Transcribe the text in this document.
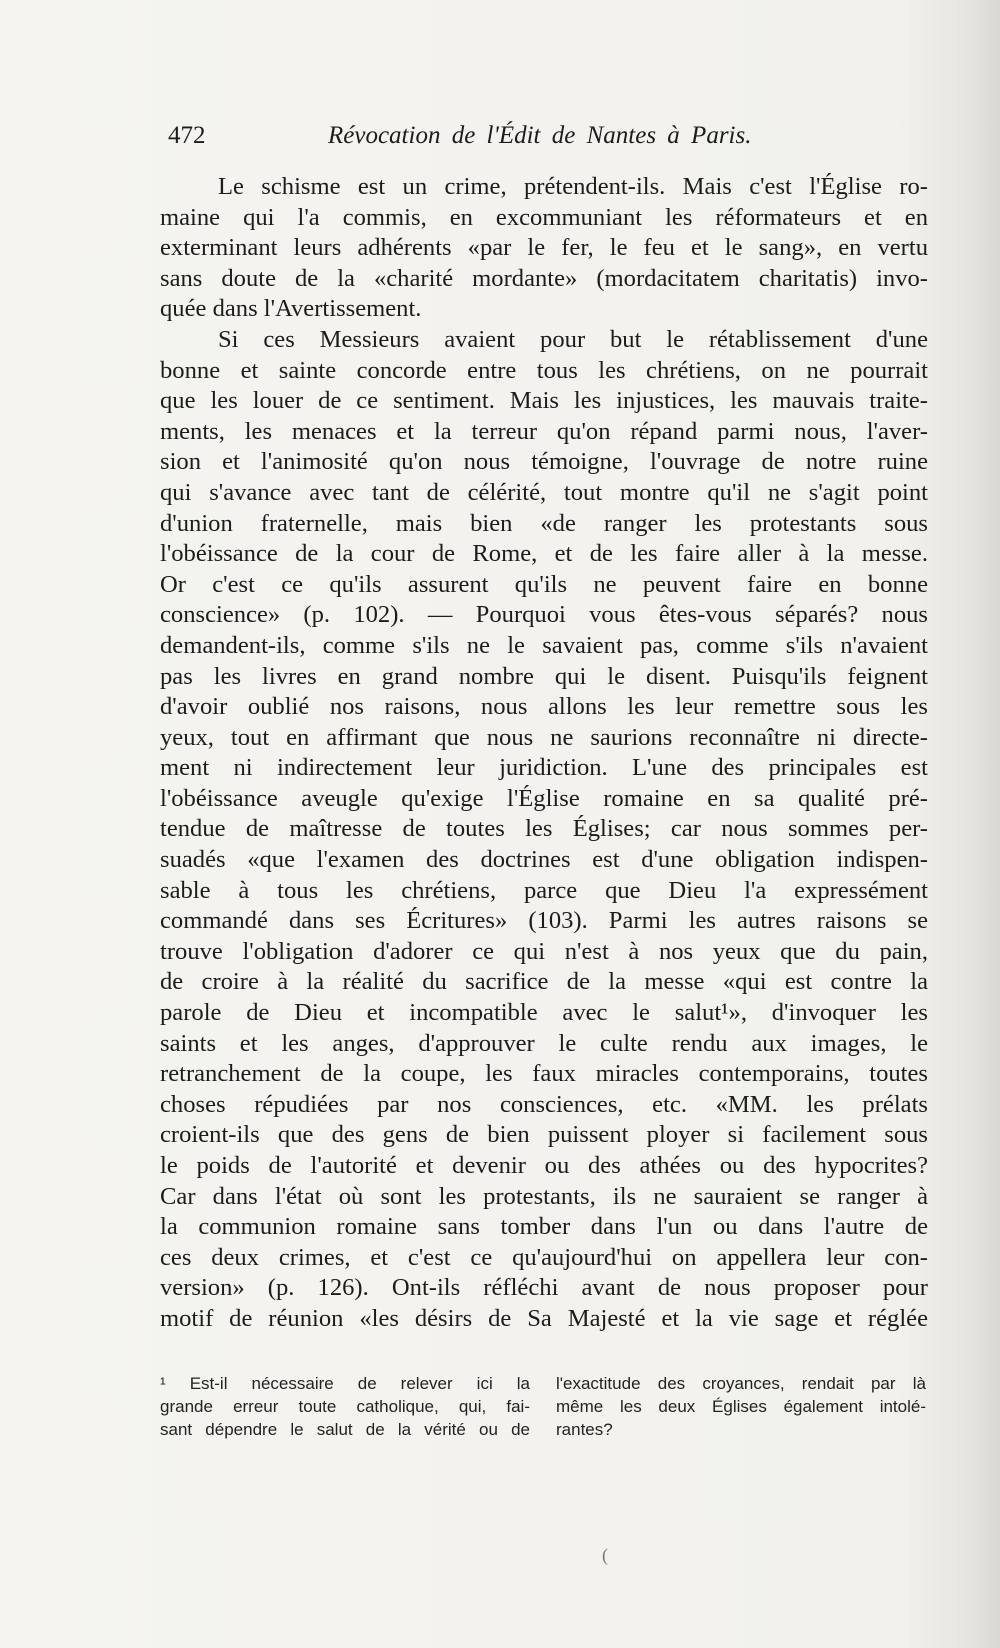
472	Révocation de l'Édit de Nantes à Paris.
Le schisme est un crime, prétendent-ils. Mais c'est l'Église ro-
maine qui l'a commis, en excommuniant les réformateurs et en
exterminant leurs adhérents «par le fer, le feu et le sang», en vertu
sans doute de la «charité mordante» (mordacitatem charitatis) invo-
quée dans l'Avertissement.
Si ces Messieurs avaient pour but le rétablissement d'une
bonne et sainte concorde entre tous les chrétiens, on ne pourrait
que les louer de ce sentiment. Mais les injustices, les mauvais traite-
ments, les menaces et la terreur qu'on répand parmi nous, l'aver-
sion et l'animosité qu'on nous témoigne, l'ouvrage de notre ruine
qui s'avance avec tant de célérité, tout montre qu'il ne s'agit point
d'union fraternelle, mais bien «de ranger les protestants sous
l'obéissance de la cour de Rome, et de les faire aller à la messe.
Or c'est ce qu'ils assurent qu'ils ne peuvent faire en bonne
conscience» (p. 102). — Pourquoi vous êtes-vous séparés? nous
demandent-ils, comme s'ils ne le savaient pas, comme s'ils n'avaient
pas les livres en grand nombre qui le disent. Puisqu'ils feignent
d'avoir oublié nos raisons, nous allons les leur remettre sous les
yeux, tout en affirmant que nous ne saurions reconnaître ni directe-
ment ni indirectement leur juridiction. L'une des principales est
l'obéissance aveugle qu'exige l'Église romaine en sa qualité pré-
tendue de maîtresse de toutes les Églises; car nous sommes per-
suadés «que l'examen des doctrines est d'une obligation indispen-
sable à tous les chrétiens, parce que Dieu l'a expressément
commandé dans ses Écritures» (103). Parmi les autres raisons se
trouve l'obligation d'adorer ce qui n'est à nos yeux que du pain,
de croire à la réalité du sacrifice de la messe «qui est contre la
parole de Dieu et incompatible avec le salut¹», d'invoquer les
saints et les anges, d'approuver le culte rendu aux images, le
retranchement de la coupe, les faux miracles contemporains, toutes
choses répudiées par nos consciences, etc. «MM. les prélats
croient-ils que des gens de bien puissent ployer si facilement sous
le poids de l'autorité et devenir ou des athées ou des hypocrites?
Car dans l'état où sont les protestants, ils ne sauraient se ranger à
la communion romaine sans tomber dans l'un ou dans l'autre de
ces deux crimes, et c'est ce qu'aujourd'hui on appellera leur con-
version» (p. 126). Ont-ils réfléchi avant de nous proposer pour
motif de réunion «les désirs de Sa Majesté et la vie sage et réglée
¹ Est-il nécessaire de relever ici la
grande erreur toute catholique, qui, fai-
sant dépendre le salut de la vérité ou de
l'exactitude des croyances, rendait par là
même les deux Églises également intolé-
rantes?
(
